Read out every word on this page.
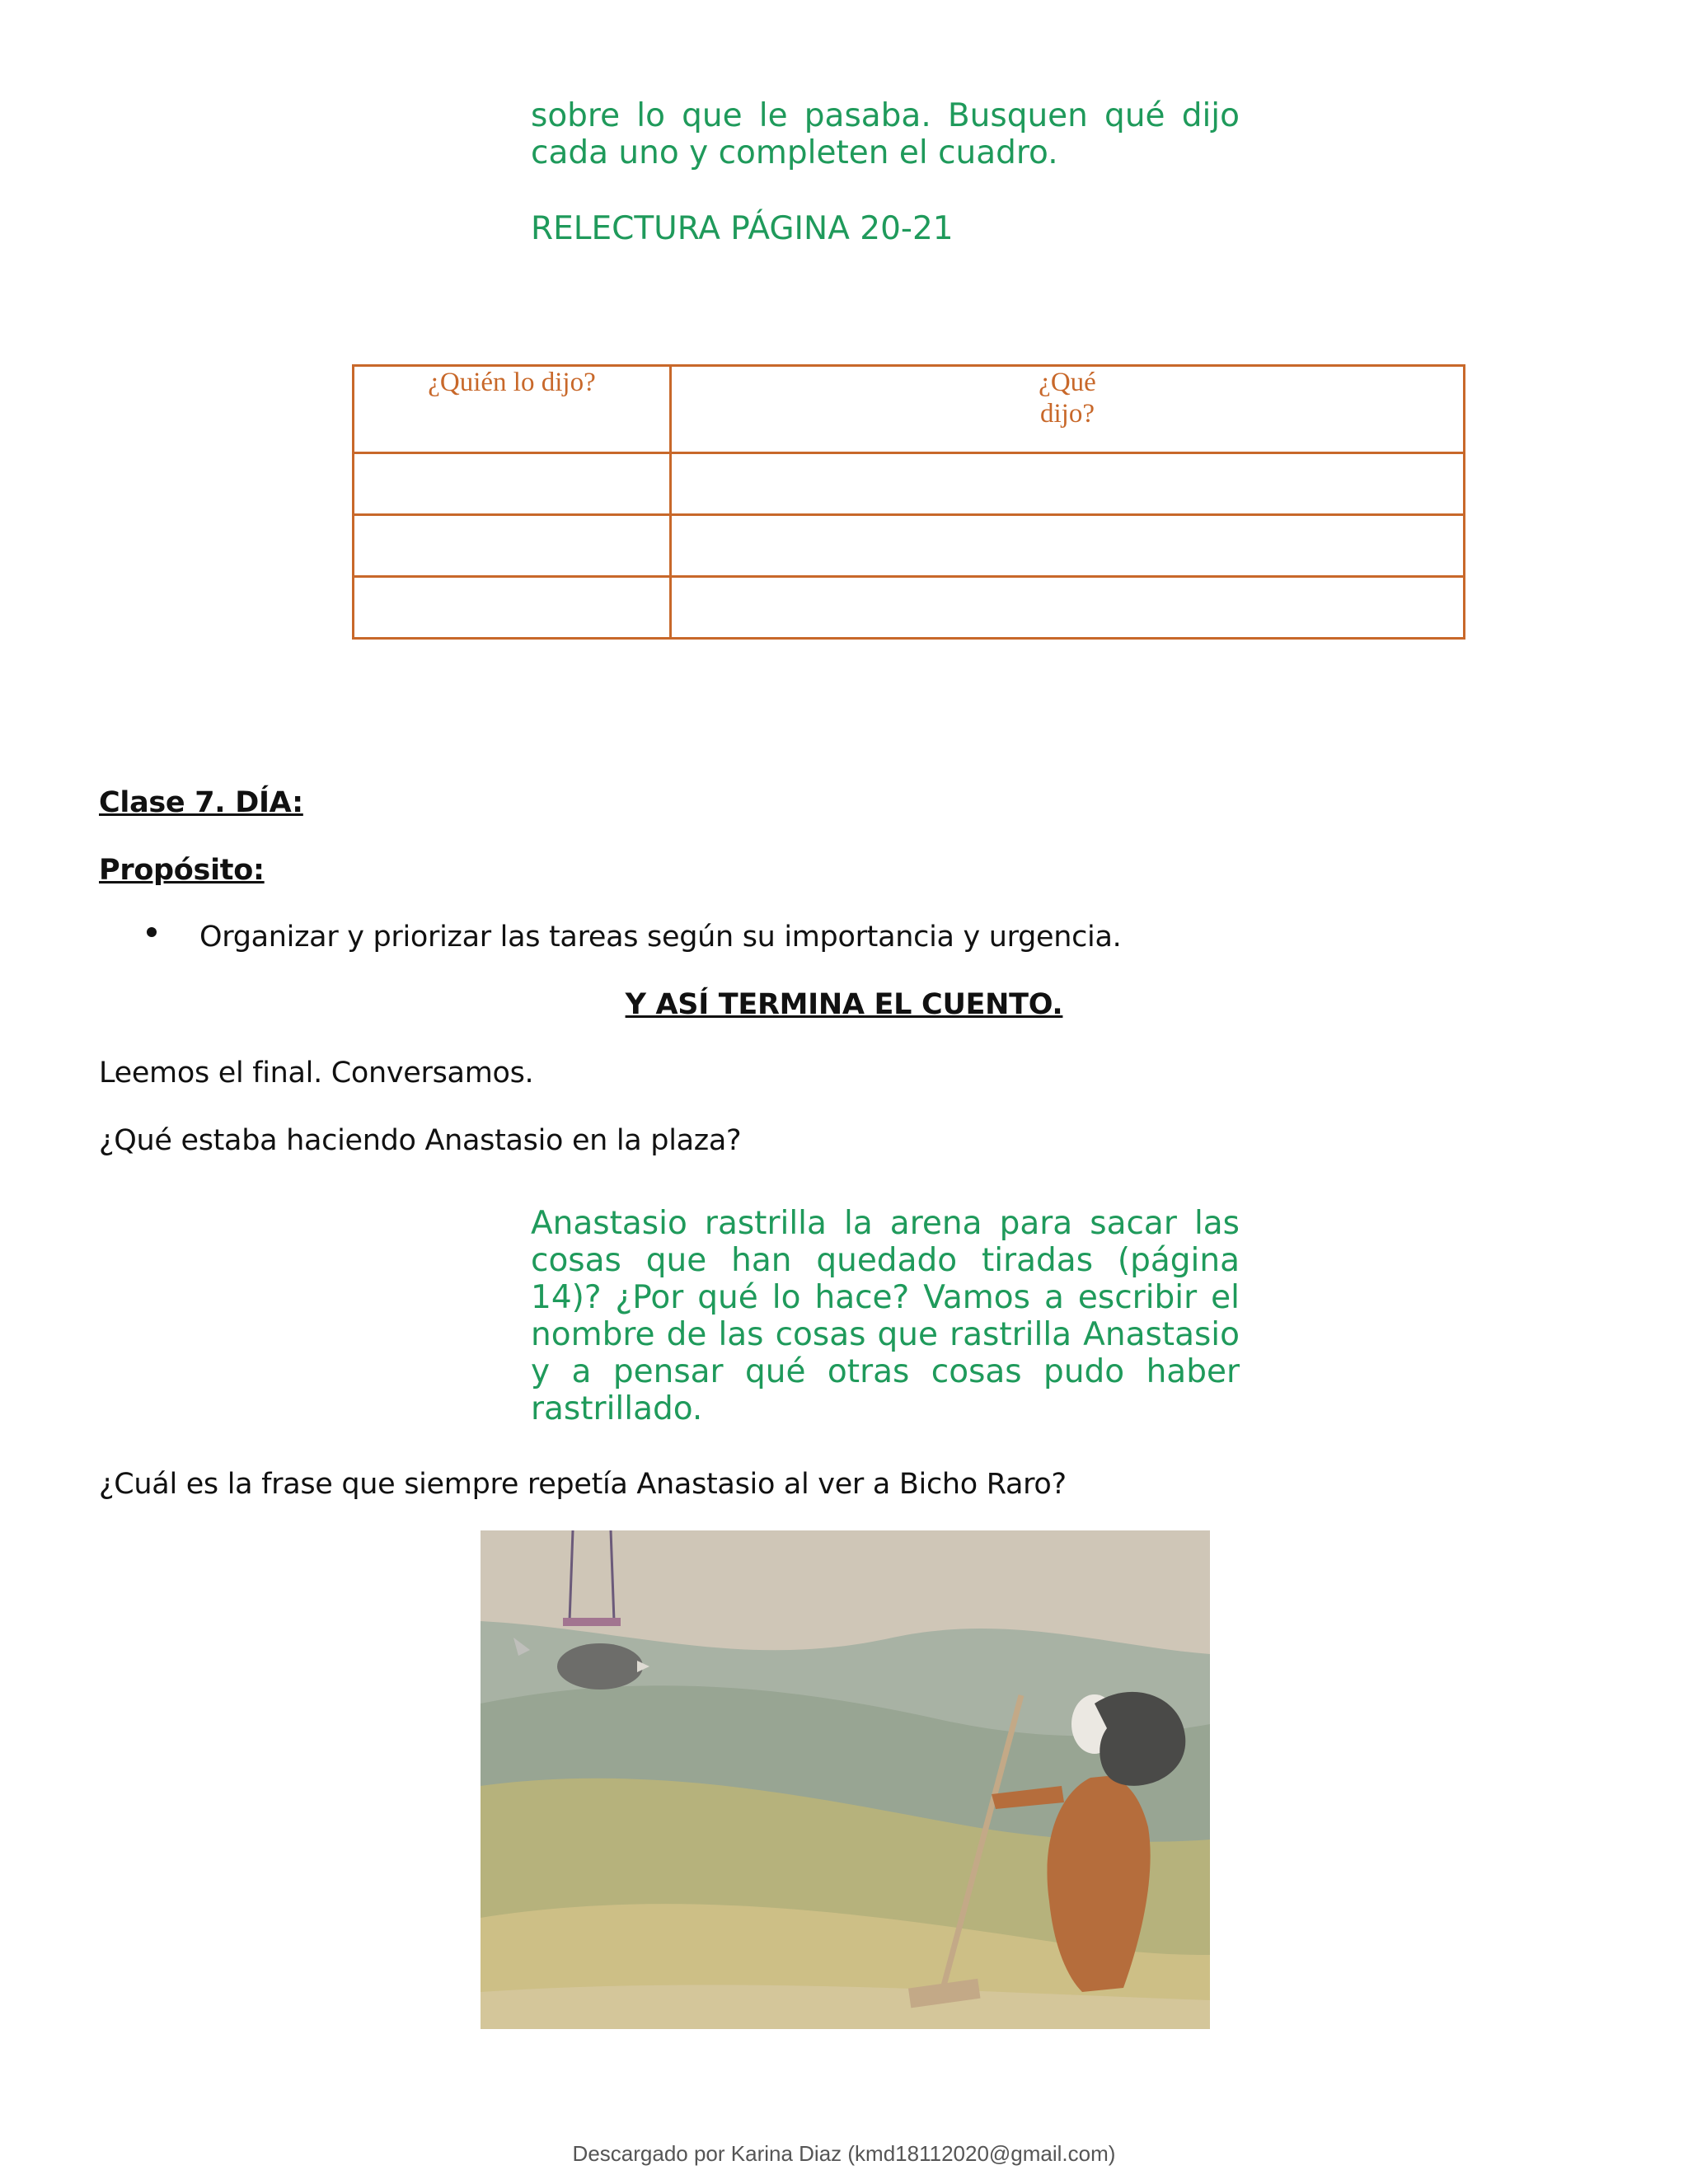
sobre lo que le pasaba. Busquen qué dijo
cada uno y completen el cuadro.
RELECTURA PÁGINA 20-21
¿Quién lo dijo?	¿Qué dijo?

Clase 7. DÍA:
Propósito:
Organizar y priorizar las tareas según su importancia y urgencia.
Y ASÍ TERMINA EL CUENTO.
Leemos el final. Conversamos.
¿Qué estaba haciendo Anastasio en la plaza?
Anastasio rastrilla la arena para sacar las cosas que han quedado tiradas (página 14)? ¿Por qué lo hace? Vamos a escribir el nombre de las cosas que rastrilla Anastasio y a pensar qué otras cosas pudo haber rastrillado.
¿Cuál es la frase que siempre repetía Anastasio al ver a Bicho Raro?
Descargado por Karina Diaz (kmd18112020@gmail.com)
